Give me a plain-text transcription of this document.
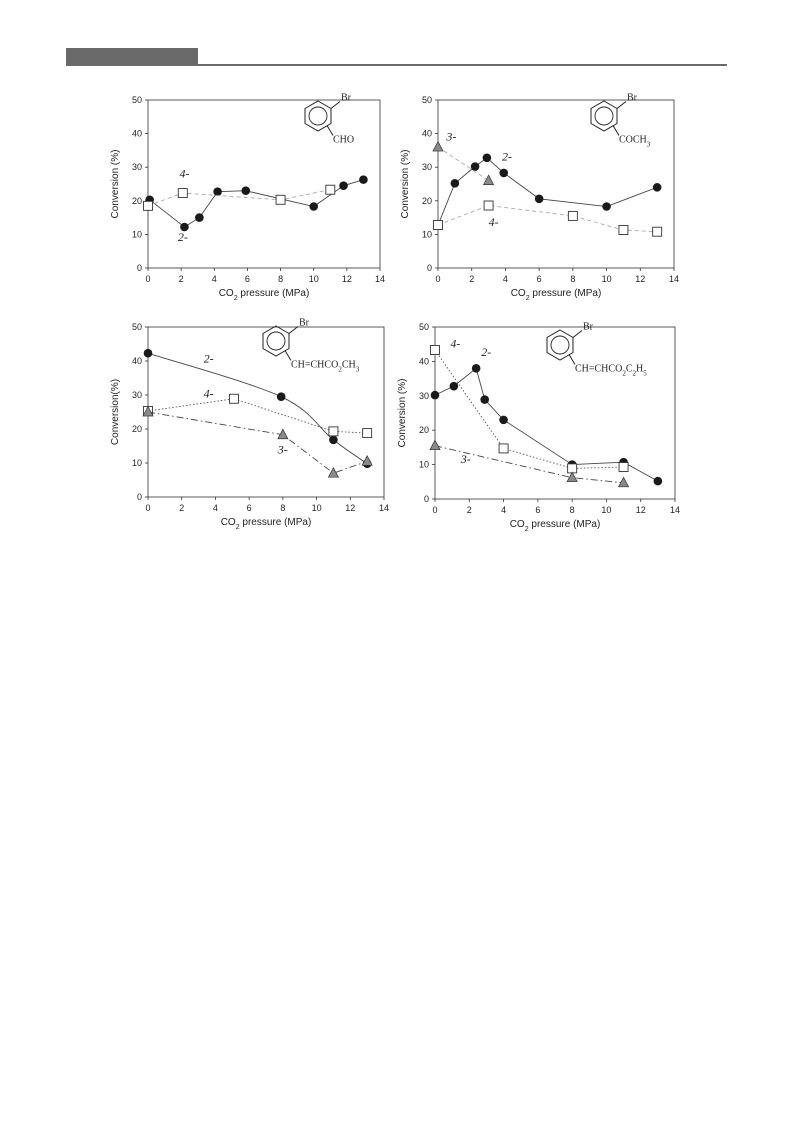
0	2	4	6	8	10	12	14
0
10
20
30
40
50
$CO_2$ pressure (MPa)
Conversion (%)
2-
4-
Br
CHO
0	2	4	6	8	10	12	14
0
10
20
30
40
50
$CO_2$ pressure (MPa)
Conversion (%)	2-
3-
4-
Br
$COCH_3$
0	2	4	6	8	10	12	14
0
10
20
30
40
50
$CO_2$ pressure (MPa)
Conversion(%)
2-
4-
3-
Br
$CH=CHCO_2CH_3$
0	2	4	6	8	10	12	14
0
10
20
30
40
50
$CO_2$ pressure (MPa)
Conversion (%)
2-
4-
3-
Br
$CH=CHCO_2C_2H_5$
